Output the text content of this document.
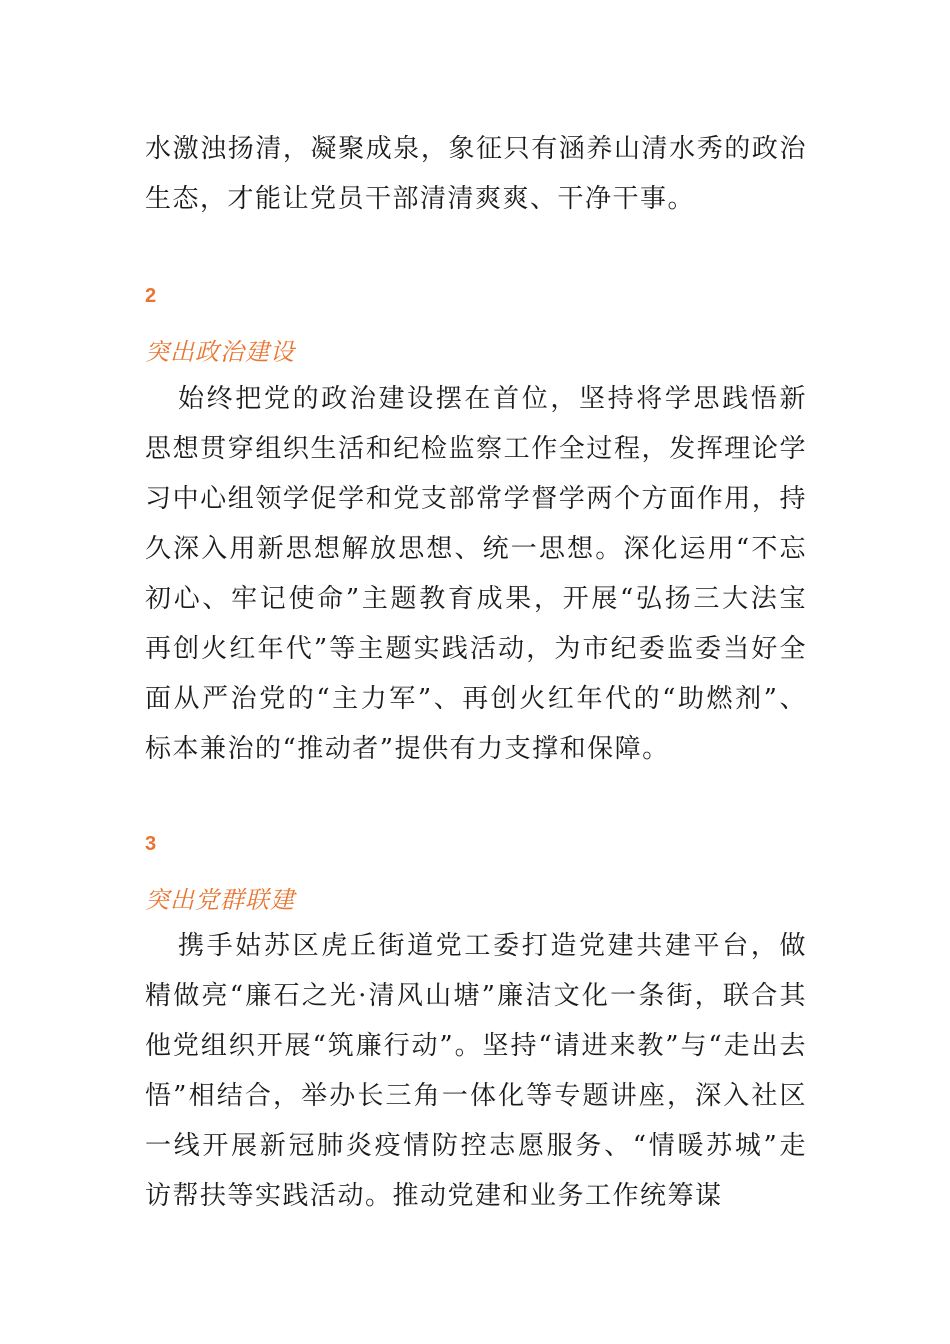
水激浊扬清，凝聚成泉，象征只有涵养山清水秀的政治生态，才能让党员干部清清爽爽、干净干事。

2

突出政治建设

始终把党的政治建设摆在首位，坚持将学思践悟新思想贯穿组织生活和纪检监察工作全过程，发挥理论学习中心组领学促学和党支部常学督学两个方面作用，持久深入用新思想解放思想、统一思想。深化运用“不忘初心、牢记使命”主题教育成果，开展“弘扬三大法宝 再创火红年代”等主题实践活动，为市纪委监委当好全面从严治党的“主力军”、再创火红年代的“助燃剂”、标本兼治的“推动者”提供有力支撑和保障。

3

突出党群联建

携手姑苏区虎丘街道党工委打造党建共建平台，做精做亮“廉石之光·清风山塘”廉洁文化一条街，联合其他党组织开展“筑廉行动”。坚持“请进来教”与“走出去悟”相结合，举办长三角一体化等专题讲座，深入社区一线开展新冠肺炎疫情防控志愿服务、“情暖苏城”走访帮扶等实践活动。推动党建和业务工作统筹谋
